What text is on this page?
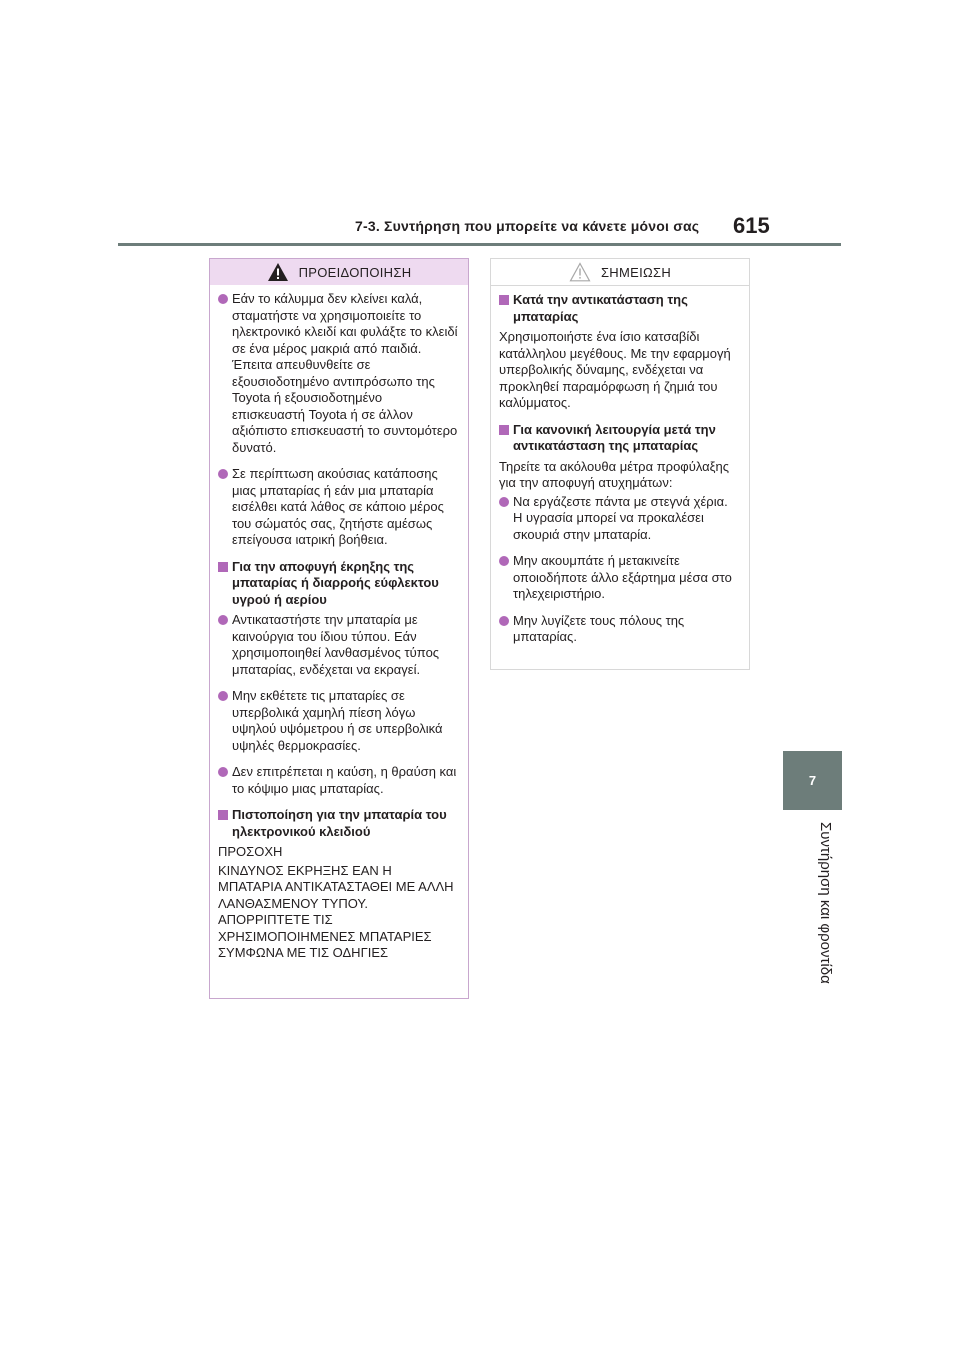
7-3. Συντήρηση που μπορείτε να κάνετε μόνοι σας 615
7
Συντήρηση και φροντίδα
ΠΡΟΕΙΔΟΠΟΙΗΣΗ
Εάν το κάλυμμα δεν κλείνει καλά, σταματήστε να χρησιμοποιείτε το ηλεκτρονικό κλειδί και φυλάξτε το κλειδί σε ένα μέρος μακριά από παιδιά. Έπειτα απευθυνθείτε σε εξουσιοδοτημένο αντιπρόσωπο της Toyota ή εξουσιοδοτημένο επισκευαστή Toyota ή σε άλλον αξιόπιστο επισκευαστή το συντομότερο δυνατό.
Σε περίπτωση ακούσιας κατάποσης μιας μπαταρίας ή εάν μια μπαταρία εισέλθει κατά λάθος σε κάποιο μέρος του σώματός σας, ζητήστε αμέσως επείγουσα ιατρική βοήθεια.
Για την αποφυγή έκρηξης της μπαταρίας ή διαρροής εύφλεκτου υγρού ή αερίου
Αντικαταστήστε την μπαταρία με καινούργια του ίδιου τύπου. Εάν χρησιμοποιηθεί λανθασμένος τύπος μπαταρίας, ενδέχεται να εκραγεί.
Μην εκθέτετε τις μπαταρίες σε υπερβολικά χαμηλή πίεση λόγω υψηλού υψόμετρου ή σε υπερβολικά υψηλές θερμοκρασίες.
Δεν επιτρέπεται η καύση, η θραύση και το κόψιμο μιας μπαταρίας.
Πιστοποίηση για την μπαταρία του ηλεκτρονικού κλειδιού
ΠΡΟΣΟΧΗ
ΚΙΝΔΥΝΟΣ ΕΚΡΗΞΗΣ ΕΑΝ Η ΜΠΑΤΑΡΙΑ ΑΝΤΙΚΑΤΑΣΤΑΘΕΙ ΜΕ ΑΛΛΗ ΛΑΝΘΑΣΜΕΝΟΥ ΤΥΠΟΥ. ΑΠΟΡΡΙΠΤΕΤΕ ΤΙΣ ΧΡΗΣΙΜΟΠΟΙΗΜΕΝΕΣ ΜΠΑΤΑΡΙΕΣ ΣΥΜΦΩΝΑ ΜΕ ΤΙΣ ΟΔΗΓΙΕΣ
ΣΗΜΕΙΩΣΗ
Κατά την αντικατάσταση της μπαταρίας
Χρησιμοποιήστε ένα ίσιο κατσαβίδι κατάλληλου μεγέθους. Με την εφαρμογή υπερβολικής δύναμης, ενδέχεται να προκληθεί παραμόρφωση ή ζημιά του καλύμματος.
Για κανονική λειτουργία μετά την αντικατάσταση της μπαταρίας
Τηρείτε τα ακόλουθα μέτρα προφύλαξης για την αποφυγή ατυχημάτων:
Να εργάζεστε πάντα με στεγνά χέρια.
Η υγρασία μπορεί να προκαλέσει σκουριά στην μπαταρία.
Μην ακουμπάτε ή μετακινείτε οποιοδήποτε άλλο εξάρτημα μέσα στο τηλεχειριστήριο.
Μην λυγίζετε τους πόλους της μπαταρίας.
